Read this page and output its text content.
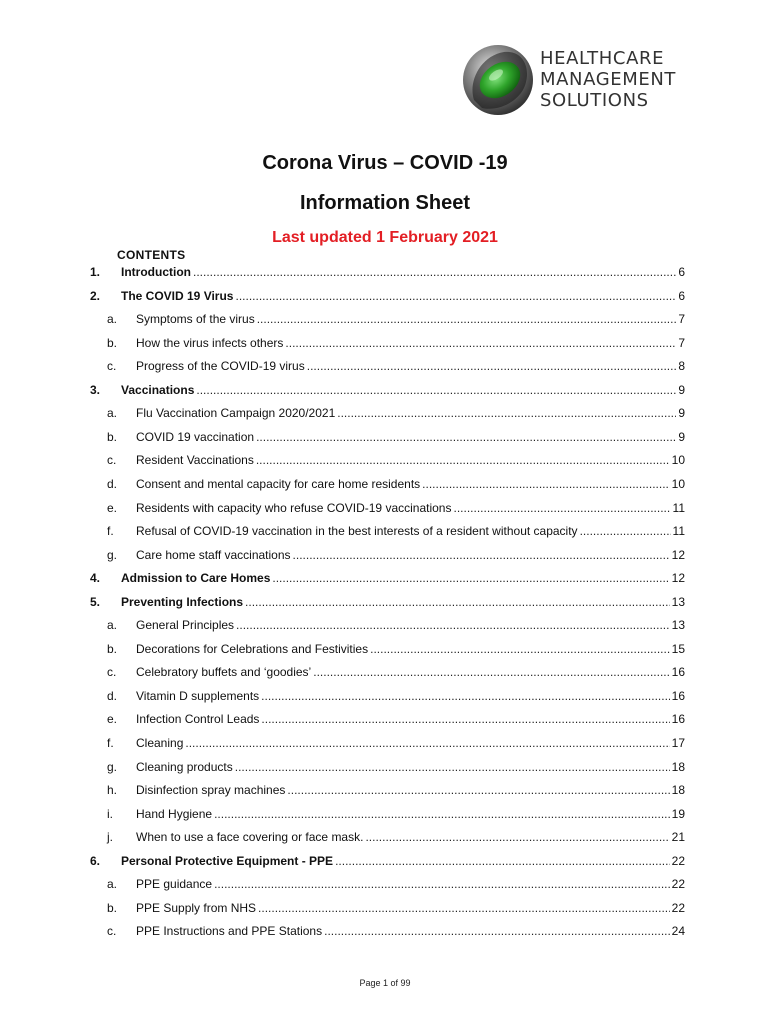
HEALTHCARE
MANAGEMENT
SOLUTIONS
Corona Virus – COVID -19
Information Sheet
Last updated 1 February 2021
CONTENTS
1. Introduction .....	6
2. The COVID 19 Virus .....	6
a. Symptoms of the virus .....	7
b. How the virus infects others .....	7
c. Progress of the COVID-19 virus .....	8
3. Vaccinations .....	9
a. Flu Vaccination Campaign 2020/2021 .....	9
b. COVID 19 vaccination .....	9
c. Resident Vaccinations .....	10
d. Consent and mental capacity for care home residents .....	10
e. Residents with capacity who refuse COVID-19 vaccinations .....	11
f. Refusal of COVID-19 vaccination in the best interests of a resident without capacity .....	11
g. Care home staff vaccinations .....	12
4. Admission to Care Homes .....	12
5. Preventing Infections .....	13
a. General Principles .....	13
b. Decorations for Celebrations and Festivities .....	15
c. Celebratory buffets and ‘goodies’ .....	16
d. Vitamin D supplements .....	16
e. Infection Control Leads .....	16
f. Cleaning .....	17
g. Cleaning products .....	18
h. Disinfection spray machines .....	18
i. Hand Hygiene .....	19
j. When to use a face covering or face mask. .....	21
6. Personal Protective Equipment - PPE .....	22
a. PPE guidance .....	22
b. PPE Supply from NHS .....	22
c. PPE Instructions and PPE Stations .....	24
Page 1 of 99
